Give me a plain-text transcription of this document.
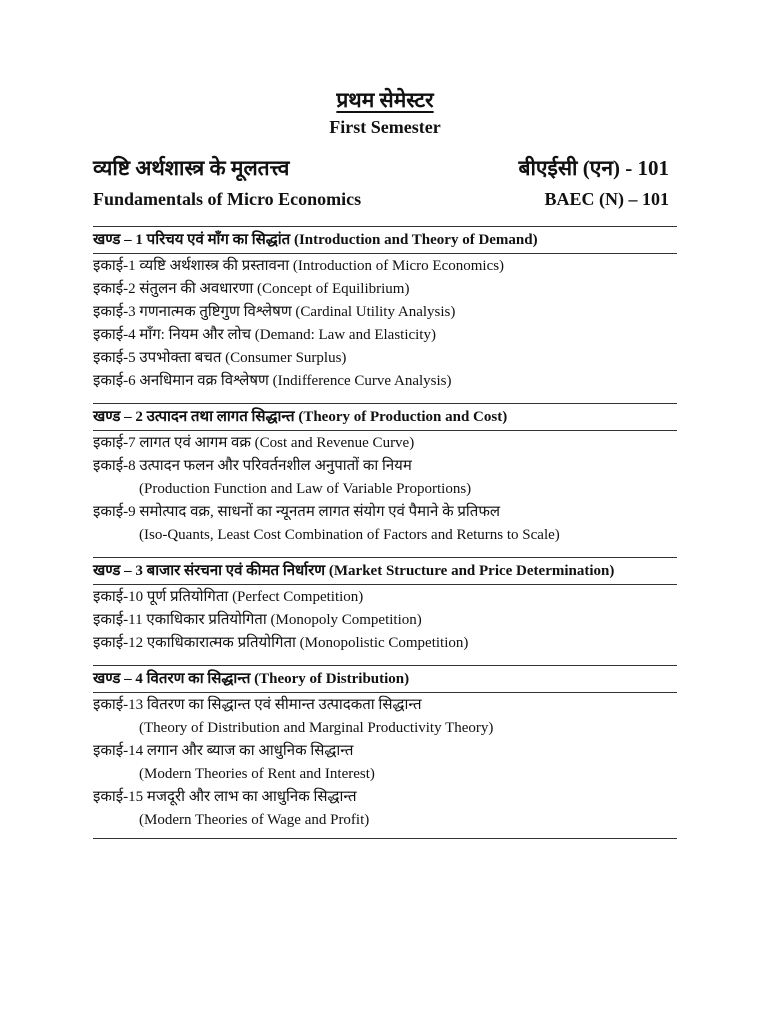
प्रथम सेमेस्टर

First Semester

व्यष्टि अर्थशास्त्र के मूलतत्त्व	बीएईसी (एन) - 101
Fundamentals of Micro Economics	BAEC (N) – 101
खण्ड – 1 परिचय एवं माँग का सिद्धांत (Introduction and Theory of Demand)
इकाई-1 व्यष्टि अर्थशास्त्र की प्रस्तावना (Introduction of Micro Economics)
इकाई-2 संतुलन की अवधारणा (Concept of Equilibrium)
इकाई-3 गणनात्मक तुष्टिगुण विश्लेषण (Cardinal Utility Analysis)
इकाई-4 माँग: नियम और लोच (Demand: Law and Elasticity)
इकाई-5 उपभोक्ता बचत (Consumer Surplus)
इकाई-6 अनधिमान वक्र विश्लेषण (Indifference Curve Analysis)
खण्ड – 2 उत्पादन तथा लागत सिद्धान्त (Theory of Production and Cost)
इकाई-7 लागत एवं आगम वक्र (Cost and Revenue Curve)
इकाई-8 उत्पादन फलन और परिवर्तनशील अनुपातों का नियम
(Production Function and Law of Variable Proportions)
इकाई-9 समोत्पाद वक्र, साधनों का न्यूनतम लागत संयोग एवं पैमाने के प्रतिफल
(Iso-Quants, Least Cost Combination of Factors and Returns to Scale)
खण्ड – 3 बाजार संरचना एवं कीमत निर्धारण (Market Structure and Price Determination)
इकाई-10 पूर्ण प्रतियोगिता (Perfect Competition)
इकाई-11 एकाधिकार प्रतियोगिता (Monopoly Competition)
इकाई-12 एकाधिकारात्मक प्रतियोगिता (Monopolistic Competition)
खण्ड – 4 वितरण का सिद्धान्त (Theory of Distribution)
इकाई-13 वितरण का सिद्धान्त एवं सीमान्त उत्पादकता सिद्धान्त
(Theory of Distribution and Marginal Productivity Theory)
इकाई-14 लगान और ब्याज का आधुनिक सिद्धान्त
(Modern Theories of Rent and Interest)
इकाई-15 मजदूरी और लाभ का आधुनिक सिद्धान्त
(Modern Theories of Wage and Profit)
